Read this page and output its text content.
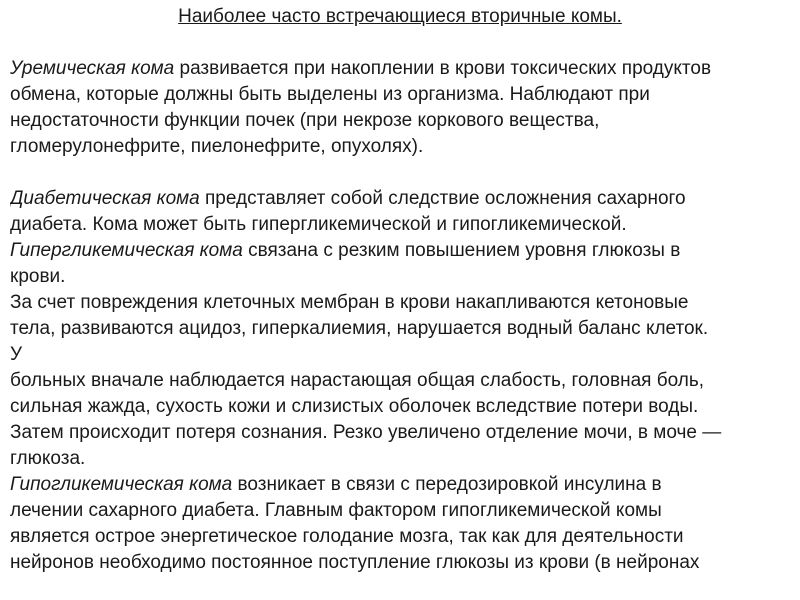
Наиболее часто встречающиеся вторичные комы.
Уремическая кома развивается при накоплении в крови токсических продуктов
обмена, которые должны быть выделены из организма. Наблюдают при
недостаточности функции почек (при некрозе коркового вещества,
гломерулонефрите, пиелонефрите, опухолях).
Диабетическая кома представляет собой следствие осложнения сахарного
диабета. Кома может быть гипергликемической и гипогликемической.
Гипергликемическая кома связана с резким повышением уровня глюкозы в
крови.
За счет повреждения клеточных мембран в крови накапливаются кетоновые
тела, развиваются ацидоз, гиперкалиемия, нарушается водный баланс клеток.
У
больных вначале наблюдается нарастающая общая слабость, головная боль,
сильная жажда, сухость кожи и слизистых оболочек вследствие потери воды.
Затем происходит потеря сознания. Резко увеличено отделение мочи, в моче —
глюкоза.
Гипогликемическая кома возникает в связи с передозировкой инсулина в
лечении сахарного диабета. Главным фактором гипогликемической комы
является острое энергетическое голодание мозга, так как для деятельности
нейронов необходимо постоянное поступление глюкозы из крови (в нейронах
